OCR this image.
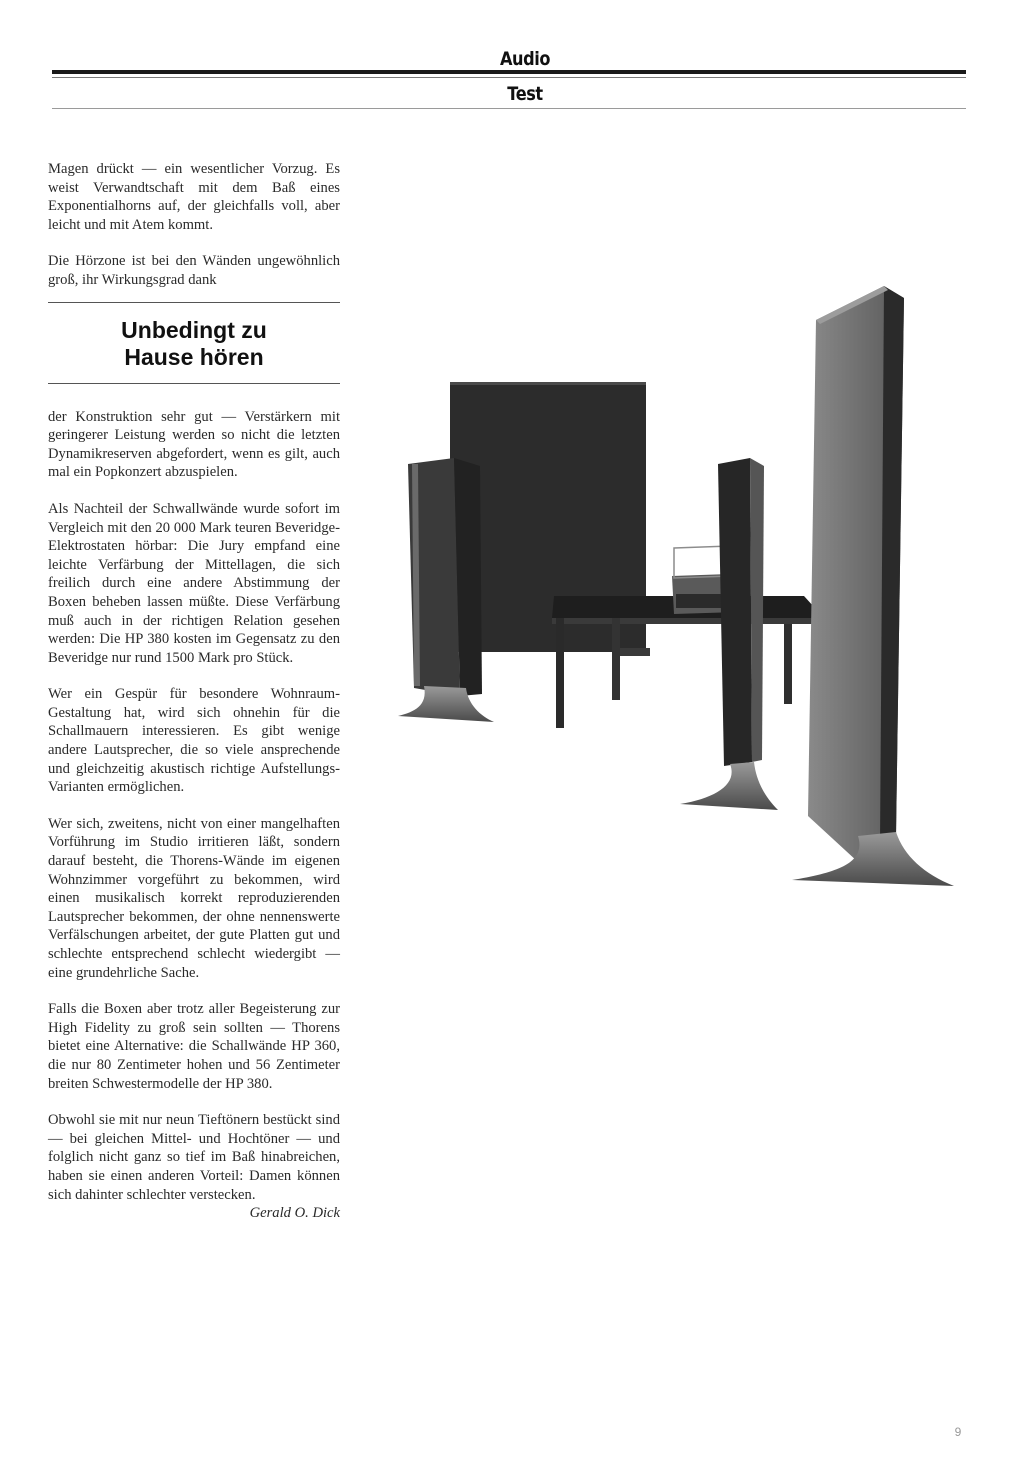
Audio
Test

Magen drückt — ein wesentlicher Vorzug. Es weist Verwandtschaft mit dem Baß eines Exponentialhorns auf, der gleichfalls voll, aber leicht und mit Atem kommt.

Die Hörzone ist bei den Wänden ungewöhnlich groß, ihr Wirkungsgrad dank

Unbedingt zu
Hause hören

der Konstruktion sehr gut — Verstärkern mit geringerer Leistung werden so nicht die letzten Dynamikreserven abgefordert, wenn es gilt, auch mal ein Popkonzert abzuspielen.

Als Nachteil der Schwallwände wurde sofort im Vergleich mit den 20 000 Mark teuren Beveridge-Elektrostaten hörbar: Die Jury empfand eine leichte Verfärbung der Mittellagen, die sich freilich durch eine andere Abstimmung der Boxen beheben lassen müßte. Diese Verfärbung muß auch in der richtigen Relation gesehen werden: Die HP 380 kosten im Gegensatz zu den Beveridge nur rund 1500 Mark pro Stück.

Wer ein Gespür für besondere Wohnraum-Gestaltung hat, wird sich ohnehin für die Schallmauern interessieren. Es gibt wenige andere Lautsprecher, die so viele ansprechende und gleichzeitig akustisch richtige Aufstellungs-Varianten ermöglichen.

Wer sich, zweitens, nicht von einer mangelhaften Vorführung im Studio irritieren läßt, sondern darauf besteht, die Thorens-Wände im eigenen Wohnzimmer vorgeführt zu bekommen, wird einen musikalisch korrekt reproduzierenden Lautsprecher bekommen, der ohne nennenswerte Verfälschungen arbeitet, der gute Platten gut und schlechte entsprechend schlecht wiedergibt — eine grundehrliche Sache.

Falls die Boxen aber trotz aller Begeisterung zur High Fidelity zu groß sein sollten — Thorens bietet eine Alternative: die Schallwände HP 360, die nur 80 Zentimeter hohen und 56 Zentimeter breiten Schwestermodelle der HP 380.

Obwohl sie mit nur neun Tieftönern bestückt sind — bei gleichen Mittel- und Hochtöner — und folglich nicht ganz so tief im Baß hinabreichen, haben sie einen anderen Vorteil: Damen können sich dahinter schlechter verstecken.

Gerald O. Dick
9
